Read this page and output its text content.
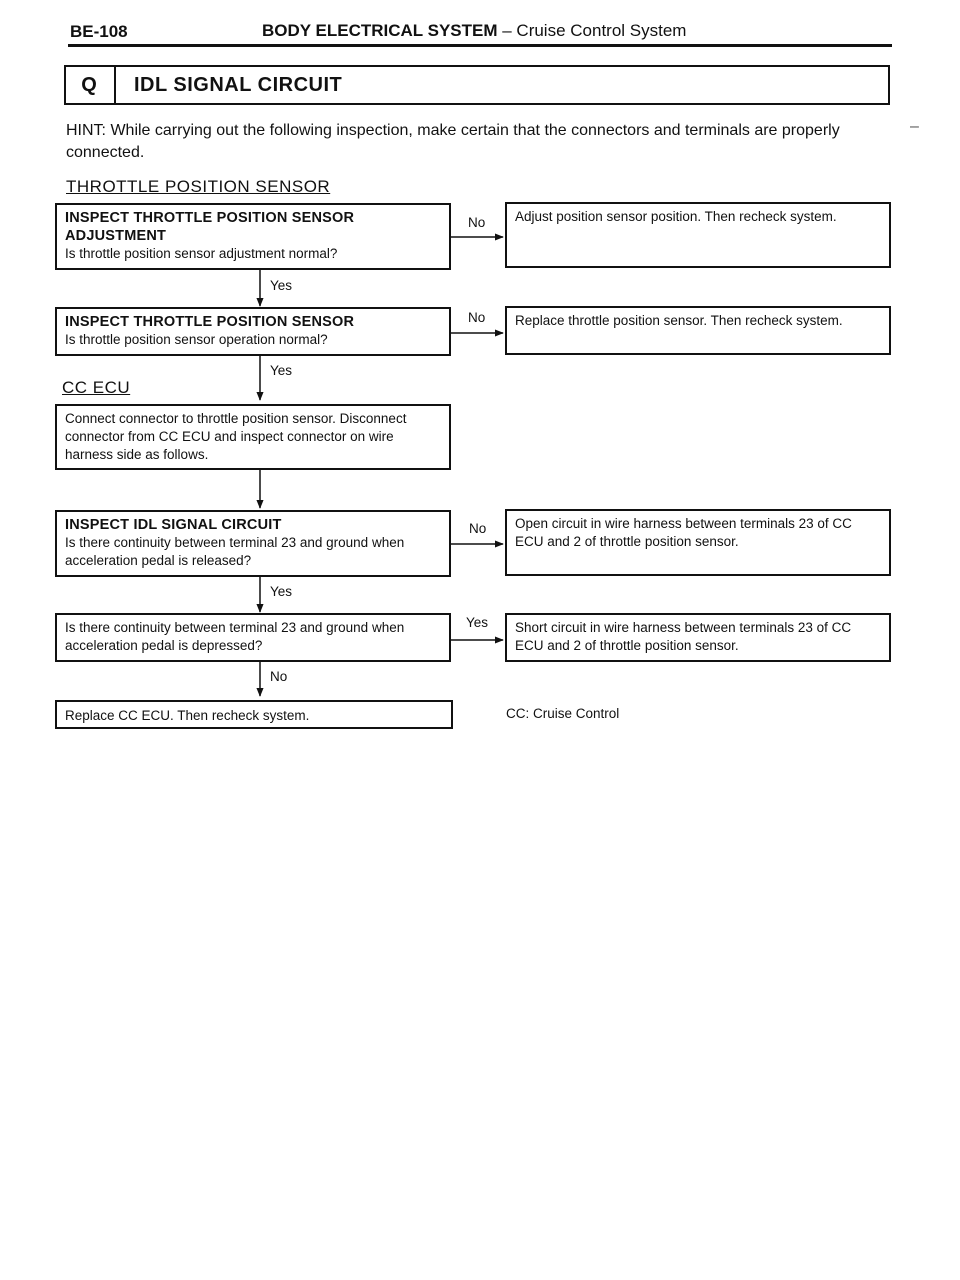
BE-108	BODY ELECTRICAL SYSTEM – Cruise Control System
Q	IDL SIGNAL CIRCUIT
HINT: While carrying out the following inspection, make certain that the connectors and terminals are properly connected.
–
THROTTLE POSITION SENSOR
CC ECU
INSPECT THROTTLE POSITION SENSOR ADJUSTMENT
Is throttle position sensor adjustment normal?
INSPECT THROTTLE POSITION SENSOR
Is throttle position sensor operation normal?
Connect connector to throttle position sensor. Disconnect connector from CC ECU and inspect connector on wire harness side as follows.
INSPECT IDL SIGNAL CIRCUIT
Is there continuity between terminal 23 and ground when acceleration pedal is released?
Is there continuity between terminal 23 and ground when acceleration pedal is depressed?
Replace CC ECU. Then recheck system.
Adjust position sensor position. Then recheck system.
Replace throttle position sensor. Then recheck system.
Open circuit in wire harness between terminals 23 of CC ECU and 2 of throttle position sensor.
Short circuit in wire harness between terminals 23 of CC ECU and 2 of throttle position sensor.
No
No
No
Yes
Yes
Yes
Yes
No
CC: Cruise Control
